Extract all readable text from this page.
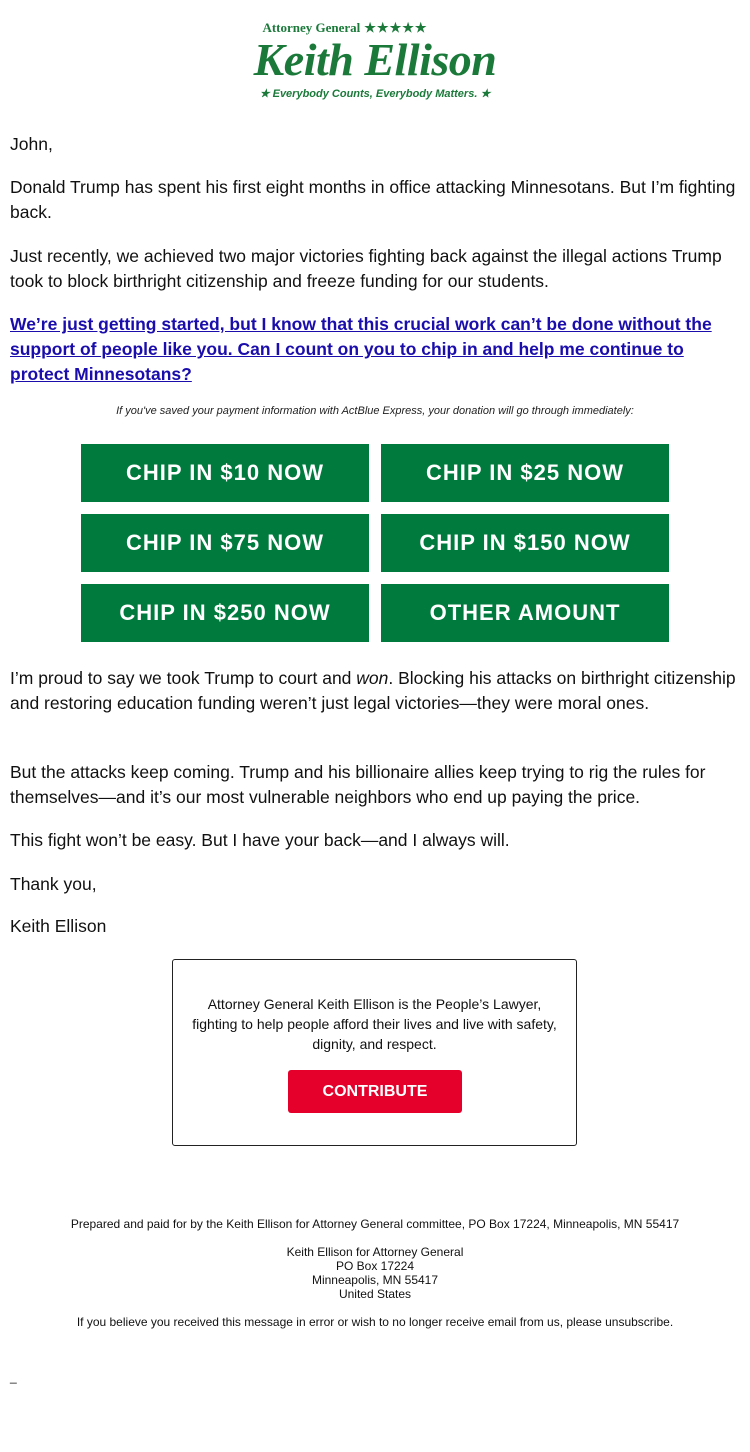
Attorney General ★★★★★
Keith Ellison
★ Everybody Counts, Everybody Matters. ★

John,

Donald Trump has spent his first eight months in office attacking Minnesotans. But I’m fighting back.

Just recently, we achieved two major victories fighting back against the illegal actions Trump took to block birthright citizenship and freeze funding for our students.

We’re just getting started, but I know that this crucial work can’t be done without the support of people like you. Can I count on you to chip in and help me continue to protect Minnesotans?

If you've saved your payment information with ActBlue Express, your donation will go through immediately:
CHIP IN $10 NOW	CHIP IN $25 NOW
CHIP IN $75 NOW	CHIP IN $150 NOW
CHIP IN $250 NOW	OTHER AMOUNT

I’m proud to say we took Trump to court and won. Blocking his attacks on birthright citizenship and restoring education funding weren’t just legal victories—they were moral ones.

But the attacks keep coming. Trump and his billionaire allies keep trying to rig the rules for themselves—and it’s our most vulnerable neighbors who end up paying the price.

This fight won’t be easy. But I have your back—and I always will.

Thank you,

Keith Ellison

Attorney General Keith Ellison is the People’s Lawyer,
fighting to help people afford their lives and live with safety,
dignity, and respect.
CONTRIBUTE
Prepared and paid for by the Keith Ellison for Attorney General committee, PO Box 17224, Minneapolis, MN 55417
Keith Ellison for Attorney General
PO Box 17224
Minneapolis, MN 55417
United States
If you believe you received this message in error or wish to no longer receive email from us, please unsubscribe.
_
